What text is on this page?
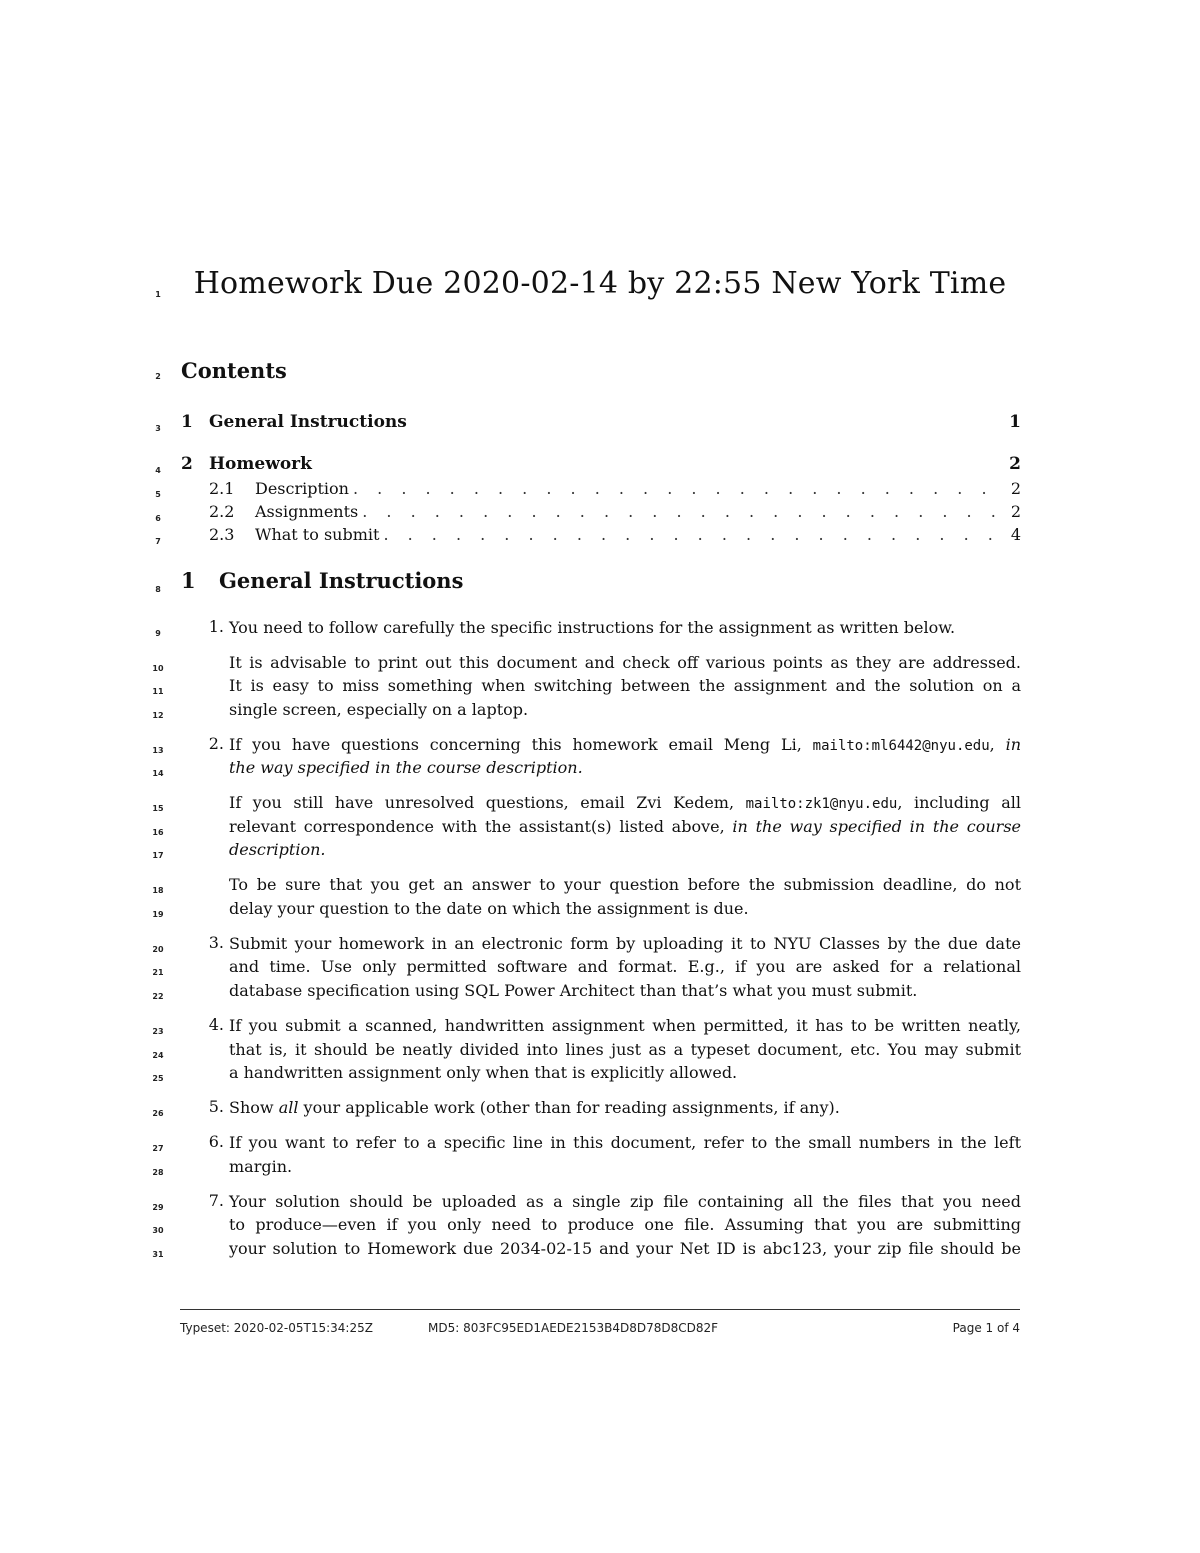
1	Homework Due 2020-02-14 by 22:55 New York Time
2 Contents
3	1 General Instructions	1
4	2 Homework	2
5	2.1	Description . . .	2
6	2.2	Assignments . . .	2
7	2.3	What to submit . . .	4
8 1 General Instructions
9	1. You need to follow carefully the specific instructions for the assignment as written below.
10	It is advisable to print out this document and check off various points as they are addressed.
11	It is easy to miss something when switching between the assignment and the solution on a
12	single screen, especially on a laptop.
13	2. If you have questions concerning this homework email Meng Li, mailto:ml6442@nyu.edu, in
14	the way specified in the course description.
15	If you still have unresolved questions, email Zvi Kedem, mailto:zk1@nyu.edu, including all
16	relevant correspondence with the assistant(s) listed above, in the way specified in the course
17	description.
18	To be sure that you get an answer to your question before the submission deadline, do not
19	delay your question to the date on which the assignment is due.
20	3. Submit your homework in an electronic form by uploading it to NYU Classes by the due date
21	and time. Use only permitted software and format. E.g., if you are asked for a relational
22	database specification using SQL Power Architect than that’s what you must submit.
23	4. If you submit a scanned, handwritten assignment when permitted, it has to be written neatly,
24	that is, it should be neatly divided into lines just as a typeset document, etc. You may submit
25	a handwritten assignment only when that is explicitly allowed.
26	5. Show all your applicable work (other than for reading assignments, if any).
27	6. If you want to refer to a specific line in this document, refer to the small numbers in the left
28	margin.
29	7. Your solution should be uploaded as a single zip file containing all the files that you need
30	to produce—even if you only need to produce one file. Assuming that you are submitting
31	your solution to Homework due 2034-02-15 and your Net ID is abc123, your zip file should be
Typeset: 2020-02-05T15:34:25Z	MD5: 803FC95ED1AEDE2153B4D8D78D8CD82F	Page 1 of 4
